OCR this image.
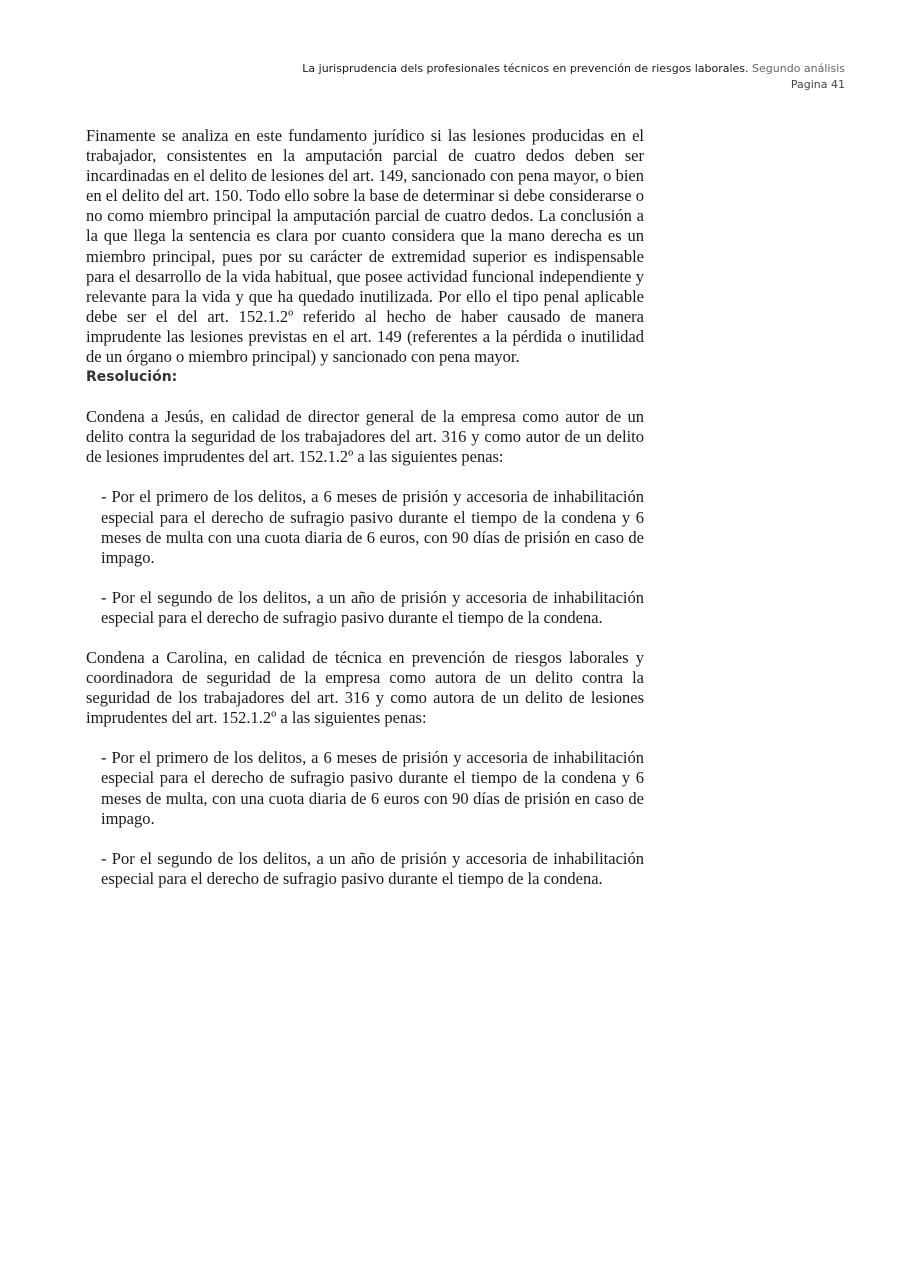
La jurisprudencia dels profesionales técnicos en prevención de riesgos laborales. Segundo análisis
Pagina 41

Finamente se analiza en este fundamento jurídico si las lesiones producidas en el trabajador, consistentes en la amputación parcial de cuatro dedos deben ser incardinadas en el delito de lesiones del art. 149, sancionado con pena mayor, o bien en el delito del art. 150. Todo ello sobre la base de determinar si debe considerarse o no como miembro principal la amputación parcial de cuatro dedos. La conclusión a la que llega la sentencia es clara por cuanto considera que la mano derecha es un miembro principal, pues por su carácter de extremidad superior es indispensable para el desarrollo de la vida habitual, que posee actividad funcional independiente y relevante para la vida y que ha quedado inutilizada. Por ello el tipo penal aplicable debe ser el del art. 152.1.2º referido al hecho de haber causado de manera imprudente las lesiones previstas en el art. 149 (referentes a la pérdida o inutilidad de un órgano o miembro principal) y sancionado con pena mayor.

Resolución:

Condena a Jesús, en calidad de director general de la empresa como autor de un delito contra la seguridad de los trabajadores del art. 316 y como autor de un delito de lesiones imprudentes del art. 152.1.2º a las siguientes penas:

- Por el primero de los delitos, a 6 meses de prisión y accesoria de inhabilitación especial para el derecho de sufragio pasivo durante el tiempo de la condena y 6 meses de multa con una cuota diaria de 6 euros, con 90 días de prisión en caso de impago.

- Por el segundo de los delitos, a un año de prisión y accesoria de inhabilitación especial para el derecho de sufragio pasivo durante el tiempo de la condena.

Condena a Carolina, en calidad de técnica en prevención de riesgos laborales y coordinadora de seguridad de la empresa como autora de un delito contra la seguridad de los trabajadores del art. 316 y como autora de un delito de lesiones imprudentes del art. 152.1.2º a las siguientes penas:

- Por el primero de los delitos, a 6 meses de prisión y accesoria de inhabilitación especial para el derecho de sufragio pasivo durante el tiempo de la condena y 6 meses de multa, con una cuota diaria de 6 euros con 90 días de prisión en caso de impago.

- Por el segundo de los delitos, a un año de prisión y accesoria de inhabilitación especial para el derecho de sufragio pasivo durante el tiempo de la condena.
